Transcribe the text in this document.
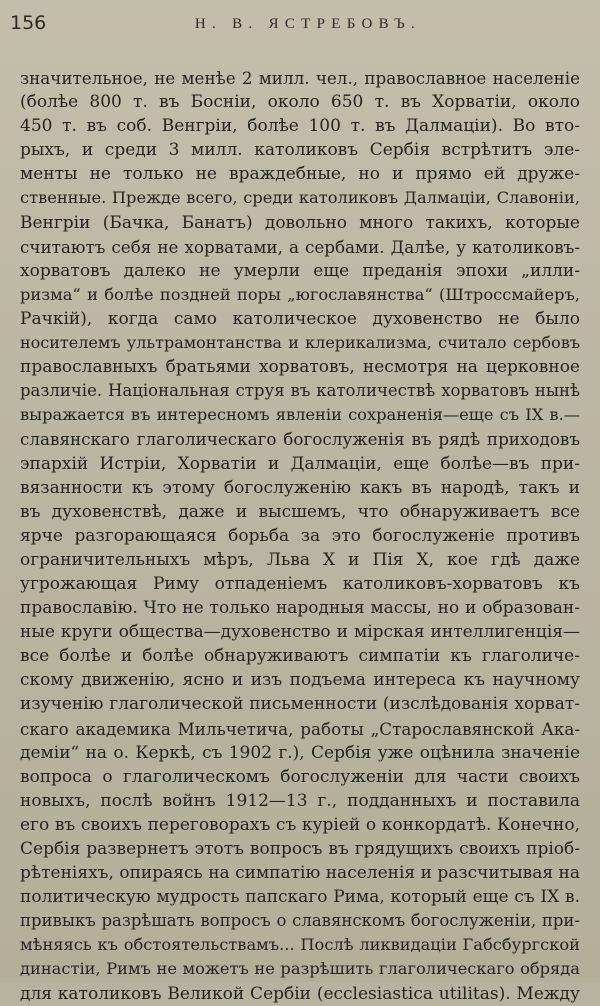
156	Н. В. ЯСТРЕБОВЪ.
значительное, не менѣе 2 милл. чел., православное населеніе
(болѣе 800 т. въ Босніи, около 650 т. въ Хорватіи, около
450 т. въ соб. Венгріи, болѣе 100 т. въ Далмаціи). Во вто-
рыхъ, и среди 3 милл. католиковъ Сербія встрѣтитъ эле-
менты не только не враждебные, но и прямо ей друже-
ственные. Прежде всего, среди католиковъ Далмаціи, Славоніи,
Венгріи (Бачка, Банатъ) довольно много такихъ, которые
считаютъ себя не хорватами, а сербами. Далѣе, у католиковъ-
хорватовъ далеко не умерли еще преданія эпохи „илли-
ризма“ и болѣе поздней поры „югославянства“ (Штроссмайеръ,
Рачкій), когда само католическое духовенство не было
носителемъ ультрамонтанства и клерикализма, считало сербовъ
православныхъ братьями хорватовъ, несмотря на церковное
различіе. Національная струя въ католичествѣ хорватовъ нынѣ
выражается въ интересномъ явленіи сохраненія—еще съ IX в.—
славянскаго глаголическаго богослуженія въ рядѣ приходовъ
эпархій Истріи, Хорватіи и Далмаціи, еще болѣе—въ при-
вязанности къ этому богослуженію какъ въ народѣ, такъ и
въ духовенствѣ, даже и высшемъ, что обнаруживаетъ все
ярче разгорающаяся борьба за это богослуженіе противъ
ограничительныхъ мѣръ, Льва X и Пія X, кое гдѣ даже
угрожающая Риму отпаденіемъ католиковъ-хорватовъ къ
православію. Что не только народныя массы, но и образован-
ные круги общества—духовенство и мірская интеллигенція—
все болѣе и болѣе обнаруживаютъ симпатіи къ глаголиче-
скому движенію, ясно и изъ подъема интереса къ научному
изученію глаголической письменности (изслѣдованія хорват-
скаго академика Мильчетича, работы „Старославянской Ака-
деміи“ на о. Керкѣ, съ 1902 г.), Сербія уже оцѣнила значеніе
вопроса о глаголическомъ богослуженіи для части своихъ
новыхъ, послѣ войнъ 1912—13 г., подданныхъ и поставила
его въ своихъ переговорахъ съ куріей о конкордатѣ. Конечно,
Сербія развернетъ этотъ вопросъ въ грядущихъ своихъ пріоб-
рѣтеніяхъ, опираясь на симпатію населенія и разсчитывая на
политическую мудрость папскаго Рима, который еще съ IX в.
привыкъ разрѣшать вопросъ о славянскомъ богослуженіи, при-
мѣняясь къ обстоятельствамъ... Послѣ ликвидаціи Габсбургской
династіи, Римъ не можетъ не разрѣшить глаголическаго обряда
для католиковъ Великой Сербіи (ecclesiastica utilitas). Между
